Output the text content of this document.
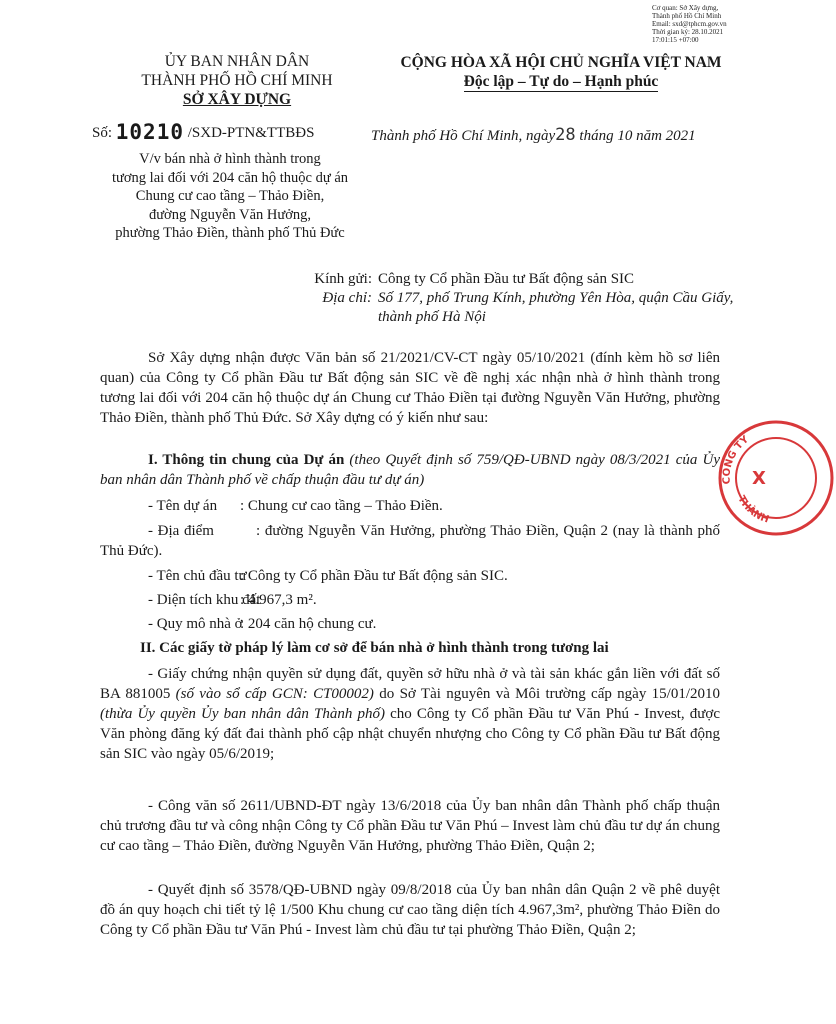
Cơ quan: Sở Xây dựng,
Thành phố Hồ Chí Minh
Email: sxd@tphcm.gov.vn
Thời gian ký: 28.10.2021
17:01:15 +07:00
ỦY BAN NHÂN DÂN
THÀNH PHỐ HỒ CHÍ MINH
SỞ XÂY DỰNG
CỘNG HÒA XÃ HỘI CHỦ NGHĨA VIỆT NAM
Độc lập – Tự do – Hạnh phúc
Số: 10210 /SXD-PTN&TTBĐS	Thành phố Hồ Chí Minh, ngày28 tháng 10 năm 2021
V/v bán nhà ở hình thành trong
tương lai đối với 204 căn hộ thuộc dự án
Chung cư cao tầng – Thảo Điền,
đường Nguyễn Văn Hưởng,
phường Thảo Điền, thành phố Thủ Đức
Kính gửi: Công ty Cổ phần Đầu tư Bất động sản SIC
Địa chỉ: Số 177, phố Trung Kính, phường Yên Hòa, quận Cầu Giấy, thành phố Hà Nội

Sở Xây dựng nhận được Văn bản số 21/2021/CV-CT ngày 05/10/2021 (đính kèm hồ sơ liên quan) của Công ty Cổ phần Đầu tư Bất động sản SIC về đề nghị xác nhận nhà ở hình thành trong tương lai đối với 204 căn hộ thuộc dự án Chung cư Thảo Điền tại đường Nguyễn Văn Hưởng, phường Thảo Điền, thành phố Thủ Đức. Sở Xây dựng có ý kiến như sau:

I. Thông tin chung của Dự án (theo Quyết định số 759/QĐ-UBND ngày 08/3/2021 của Ủy ban nhân dân Thành phố về chấp thuận đầu tư dự án)

- Tên dự án	: Chung cư cao tầng – Thảo Điền.

- Địa điểm	: đường Nguyễn Văn Hưởng, phường Thảo Điền, Quận 2 (nay là thành phố Thủ Đức).

- Tên chủ đầu tư
: Công ty Cổ phần Đầu tư Bất động sản SIC.
- Diện tích khu đất
: 4.967,3 m².
- Quy mô nhà ở
: 204 căn hộ chung cư.

II. Các giấy tờ pháp lý làm cơ sở để bán nhà ở hình thành trong tương lai

- Giấy chứng nhận quyền sử dụng đất, quyền sở hữu nhà ở và tài sản khác gắn liền với đất số BA 881005 (số vào sổ cấp GCN: CT00002) do Sở Tài nguyên và Môi trường cấp ngày 15/01/2010 (thừa Ủy quyền Ủy ban nhân dân Thành phố) cho Công ty Cổ phần Đầu tư Văn Phú - Invest, được Văn phòng đăng ký đất đai thành phố cập nhật chuyển nhượng cho Công ty Cổ phần Đầu tư Bất động sản SIC vào ngày 05/6/2019;

- Công văn số 2611/UBND-ĐT ngày 13/6/2018 của Ủy ban nhân dân Thành phố chấp thuận chủ trương đầu tư và công nhận Công ty Cổ phần Đầu tư Văn Phú – Invest làm chủ đầu tư dự án chung cư cao tầng – Thảo Điền, đường Nguyễn Văn Hưởng, phường Thảo Điền, Quận 2;

- Quyết định số 3578/QĐ-UBND ngày 09/8/2018 của Ủy ban nhân dân Quận 2 về phê duyệt đồ án quy hoạch chi tiết tỷ lệ 1/500 Khu chung cư cao tầng diện tích 4.967,3m², phường Thảo Điền do Công ty Cổ phần Đầu tư Văn Phú - Invest làm chủ đầu tư tại phường Thảo Điền, Quận 2;

CÔNG TY
THÀNH
X
